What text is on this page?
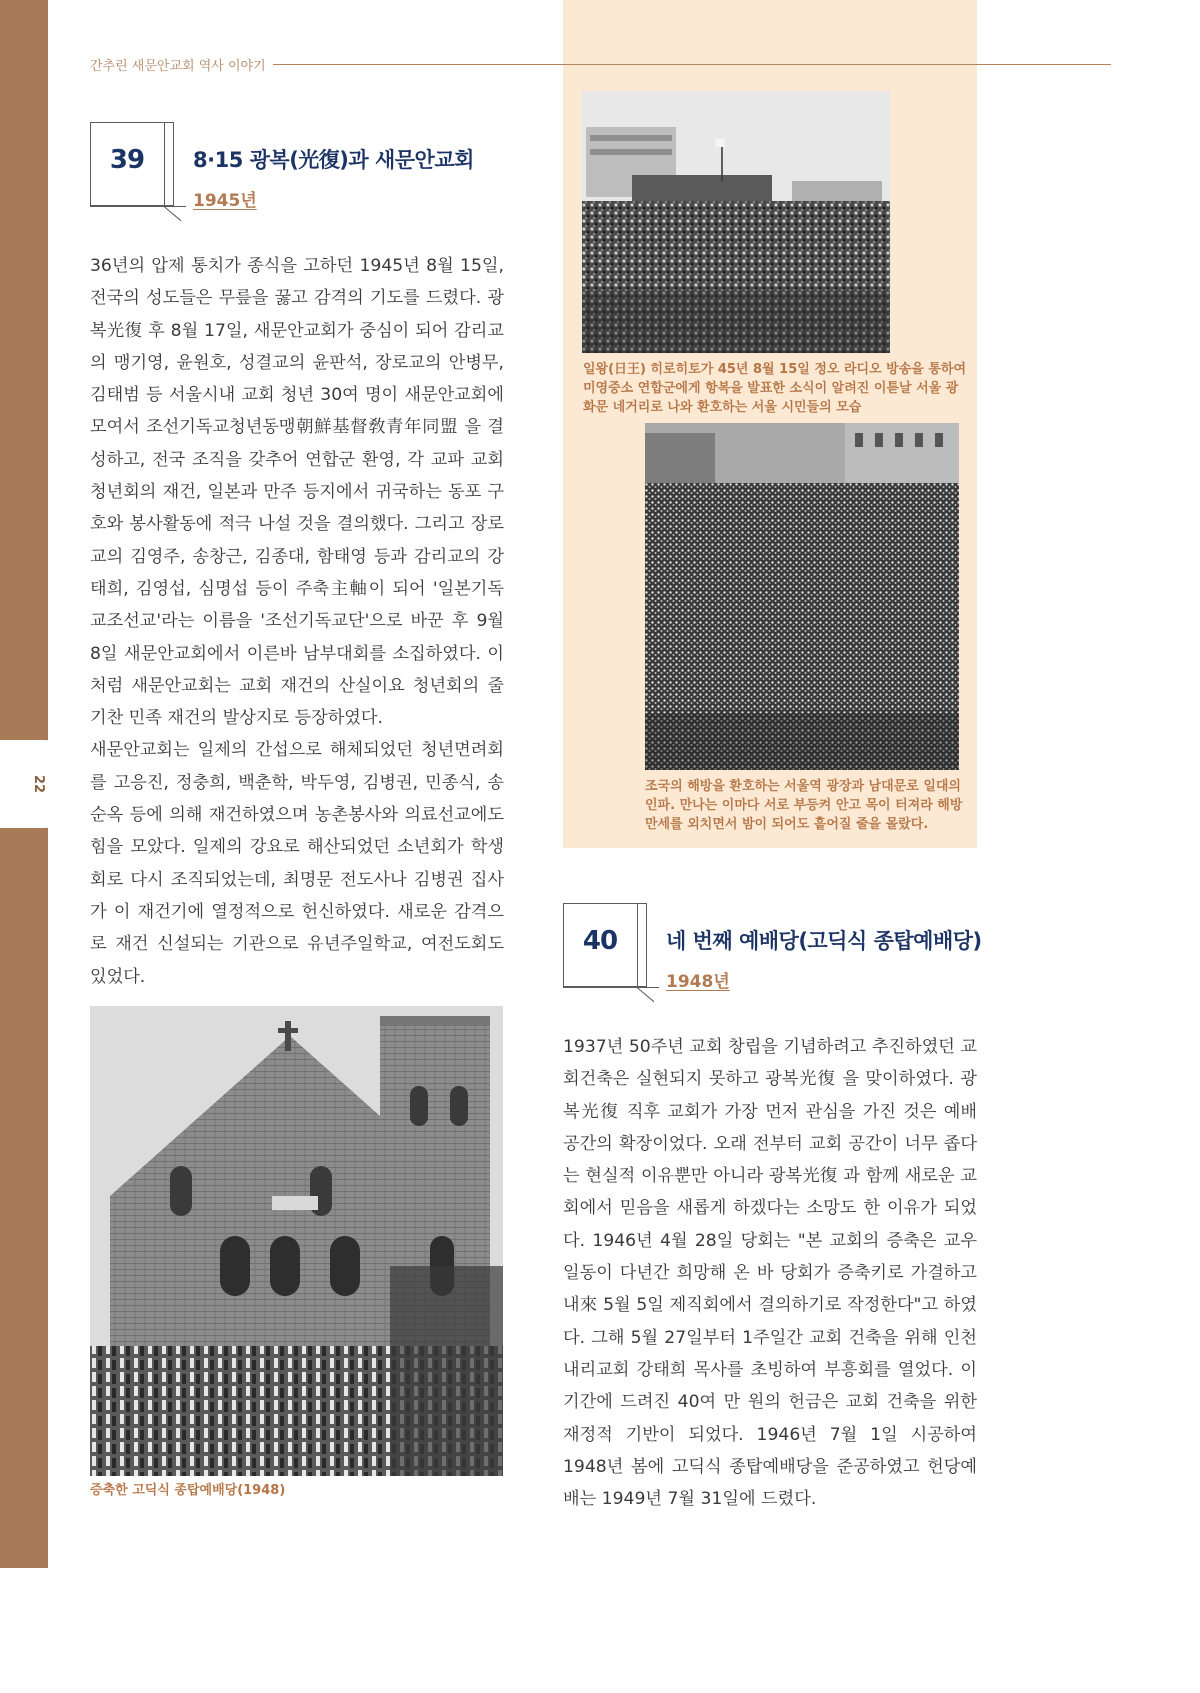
22
간추린 새문안교회 역사 이야기
39	8·15 광복(光復)과 새문안교회
1945년

36년의 압제 통치가 종식을 고하던 1945년 8월 15일, 전국의 성도들은 무릎을 꿇고 감격의 기도를 드렸다. 광복光復 후 8월 17일, 새문안교회가 중심이 되어 감리교의 맹기영, 윤원호, 성결교의 윤판석, 장로교의 안병무, 김태범 등 서울시내 교회 청년 30여 명이 새문안교회에 모여서 조선기독교청년동맹朝鮮基督敎青年同盟 을 결성하고, 전국 조직을 갖추어 연합군 환영, 각 교파 교회청년회의 재건, 일본과 만주 등지에서 귀국하는 동포 구호와 봉사활동에 적극 나설 것을 결의했다. 그리고 장로교의 김영주, 송창근, 김종대, 함태영 등과 감리교의 강태희, 김영섭, 심명섭 등이 주축主軸이 되어 '일본기독교조선교'라는 이름을 '조선기독교단'으로 바꾼 후 9월 8일 새문안교회에서 이른바 남부대회를 소집하였다. 이처럼 새문안교회는 교회 재건의 산실이요 청년회의 줄기찬 민족 재건의 발상지로 등장하였다.

새문안교회는 일제의 간섭으로 해체되었던 청년면려회를 고응진, 정충희, 백춘학, 박두영, 김병권, 민종식, 송순옥 등에 의해 재건하였으며 농촌봉사와 의료선교에도 힘을 모았다. 일제의 강요로 해산되었던 소년회가 학생회로 다시 조직되었는데, 최명문 전도사나 김병권 집사가 이 재건기에 열정적으로 헌신하였다. 새로운 감격으로 재건 신설되는 기관으로 유년주일학교, 여전도회도 있었다.

일왕(日王) 히로히토가 45년 8월 15일 정오 라디오 방송을 통하여 미영중소 연합군에게 항복을 발표한 소식이 알려진 이튿날 서울 광화문 네거리로 나와 환호하는 서울 시민들의 모습

조국의 해방을 환호하는 서울역 광장과 남대문로 일대의 인파. 만나는 이마다 서로 부등켜 안고 목이 터져라 해방 만세를 외치면서 밤이 되어도 흩어질 줄을 몰랐다.

40	네 번째 예배당(고딕식 종탑예배당)
1948년

1937년 50주년 교회 창립을 기념하려고 추진하였던 교회건축은 실현되지 못하고 광복光復 을 맞이하였다. 광복光復 직후 교회가 가장 먼저 관심을 가진 것은 예배 공간의 확장이었다. 오래 전부터 교회 공간이 너무 좁다는 현실적 이유뿐만 아니라 광복光復 과 함께 새로운 교회에서 믿음을 새롭게 하겠다는 소망도 한 이유가 되었다. 1946년 4월 28일 당회는 "본 교회의 증축은 교우 일동이 다년간 희망해 온 바 당회가 증축키로 가결하고 내來 5월 5일 제직회에서 결의하기로 작정한다"고 하였다. 그해 5월 27일부터 1주일간 교회 건축을 위해 인천 내리교회 강태희 목사를 초빙하여 부흥회를 열었다. 이 기간에 드려진 40여 만 원의 헌금은 교회 건축을 위한 재정적 기반이 되었다. 1946년 7월 1일 시공하여 1948년 봄에 고딕식 종탑예배당을 준공하였고 헌당예배는 1949년 7월 31일에 드렸다.

증축한 고딕식 종탑예배당(1948)
